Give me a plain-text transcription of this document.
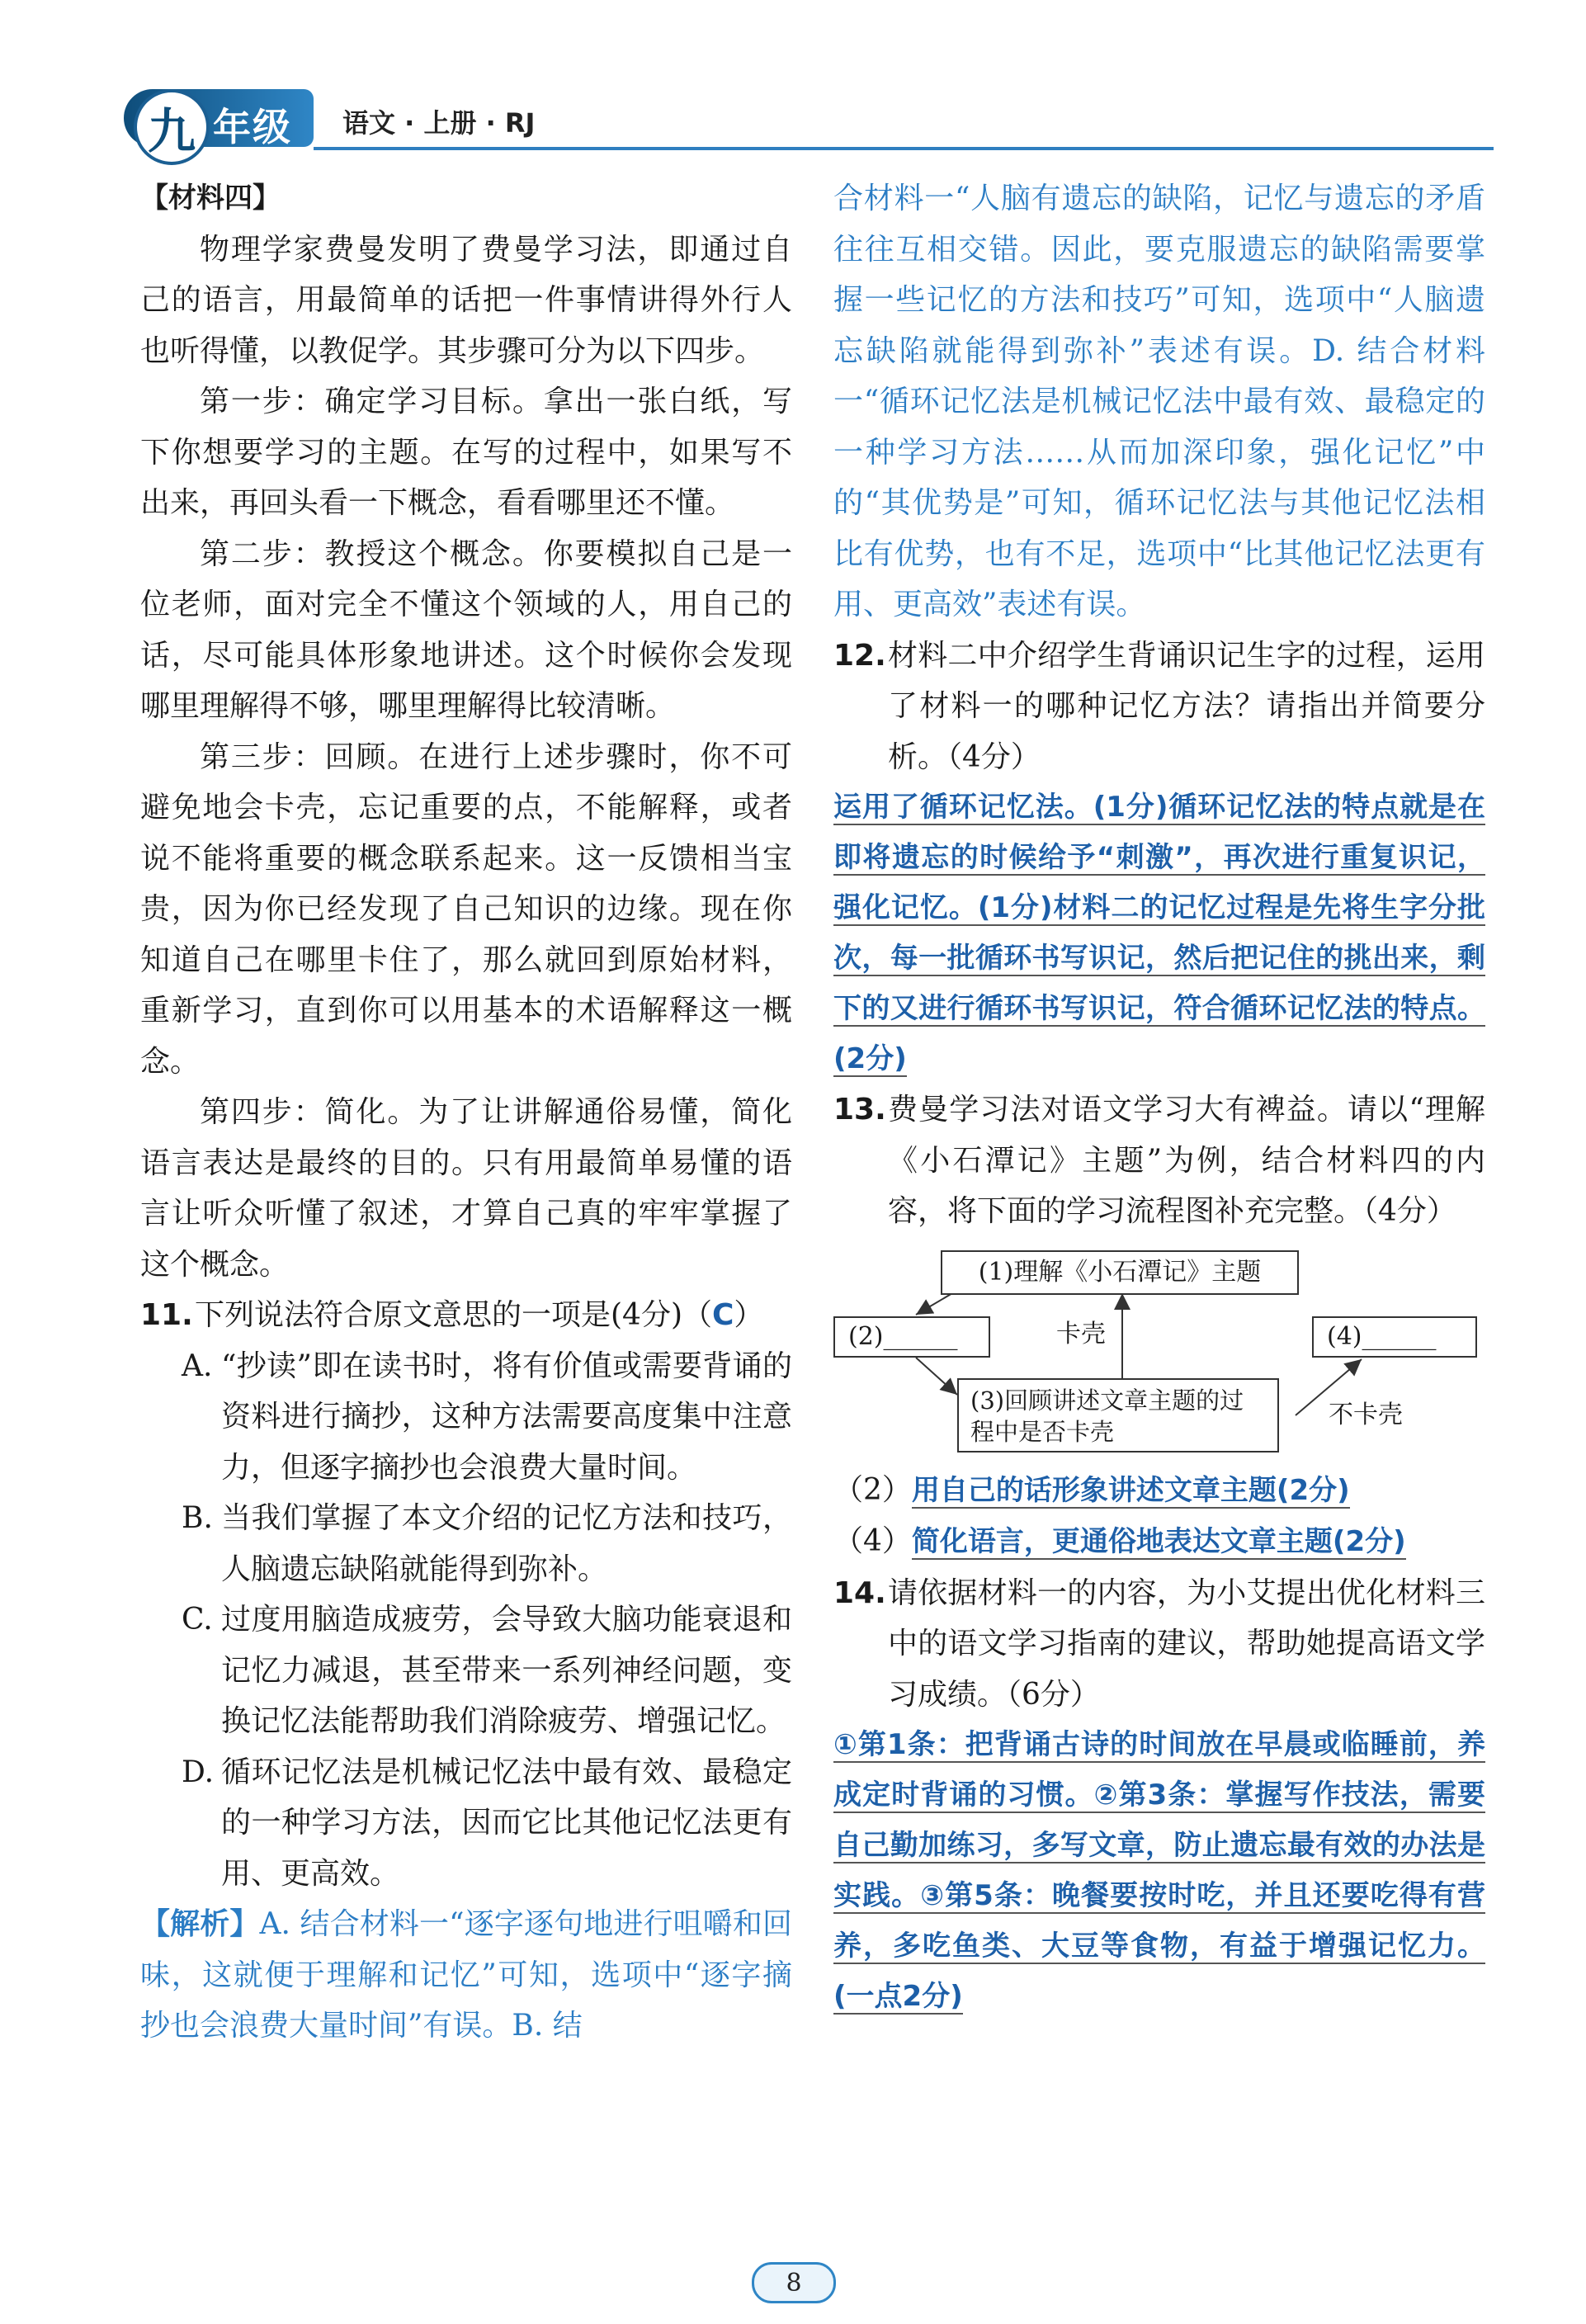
九 年级 语文 · 上册 · RJ

【材料四】

物理学家费曼发明了费曼学习法，即通过自己的语言，用最简单的话把一件事情讲得外行人也听得懂，以教促学。其步骤可分为以下四步。

第一步：确定学习目标。拿出一张白纸，写下你想要学习的主题。在写的过程中，如果写不出来，再回头看一下概念，看看哪里还不懂。

第二步：教授这个概念。你要模拟自己是一位老师，面对完全不懂这个领域的人，用自己的话，尽可能具体形象地讲述。这个时候你会发现哪里理解得不够，哪里理解得比较清晰。

第三步：回顾。在进行上述步骤时，你不可避免地会卡壳，忘记重要的点，不能解释，或者说不能将重要的概念联系起来。这一反馈相当宝贵，因为你已经发现了自己知识的边缘。现在你知道自己在哪里卡住了，那么就回到原始材料，重新学习，直到你可以用基本的术语解释这一概念。

第四步：简化。为了让讲解通俗易懂，简化语言表达是最终的目的。只有用最简单易懂的语言让听众听懂了叙述，才算自己真的牢牢掌握了这个概念。

11. 下列说法符合原文意思的一项是(4分)（C）
A. “抄读”即在读书时，将有价值或需要背诵的资料进行摘抄，这种方法需要高度集中注意力，但逐字摘抄也会浪费大量时间。
B. 当我们掌握了本文介绍的记忆方法和技巧，人脑遗忘缺陷就能得到弥补。
C. 过度用脑造成疲劳，会导致大脑功能衰退和记忆力减退，甚至带来一系列神经问题，变换记忆法能帮助我们消除疲劳、增强记忆。
D. 循环记忆法是机械记忆法中最有效、最稳定的一种学习方法，因而它比其他记忆法更有用、更高效。

【解析】A. 结合材料一“逐字逐句地进行咀嚼和回味，这就便于理解和记忆”可知，选项中“逐字摘抄也会浪费大量时间”有误。B. 结

合材料一“人脑有遗忘的缺陷，记忆与遗忘的矛盾往往互相交错。因此，要克服遗忘的缺陷需要掌握一些记忆的方法和技巧”可知，选项中“人脑遗忘缺陷就能得到弥补”表述有误。D. 结合材料一“循环记忆法是机械记忆法中最有效、最稳定的一种学习方法……从而加深印象，强化记忆”中的“其优势是”可知，循环记忆法与其他记忆法相比有优势，也有不足，选项中“比其他记忆法更有用、更高效”表述有误。

12. 材料二中介绍学生背诵识记生字的过程，运用了材料一的哪种记忆方法？请指出并简要分析。（4分）

运用了循环记忆法。(1分)循环记忆法的特点就是在即将遗忘的时候给予“刺激”，再次进行重复识记，强化记忆。(1分)材料二的记忆过程是先将生字分批次，每一批循环书写识记，然后把记住的挑出来，剩下的又进行循环书写识记，符合循环记忆法的特点。(2分)

13. 费曼学习法对语文学习大有裨益。请以“理解《小石潭记》主题”为例，结合材料四的内容，将下面的学习流程图补充完整。（4分）
(1)理解《小石潭记》主题
(2)______	(4)______
(3)回顾讲述文章主题的过程中是否卡壳
卡壳
不卡壳

（2）用自己的话形象讲述文章主题(2分)

（4）简化语言，更通俗地表达文章主题(2分)

14. 请依据材料一的内容，为小艾提出优化材料三中的语文学习指南的建议，帮助她提高语文学习成绩。（6分）

①第1条：把背诵古诗的时间放在早晨或临睡前，养成定时背诵的习惯。②第3条：掌握写作技法，需要自己勤加练习，多写文章，防止遗忘最有效的办法是实践。③第5条：晚餐要按时吃，并且还要吃得有营养，多吃鱼类、大豆等食物，有益于增强记忆力。(一点2分)

8
